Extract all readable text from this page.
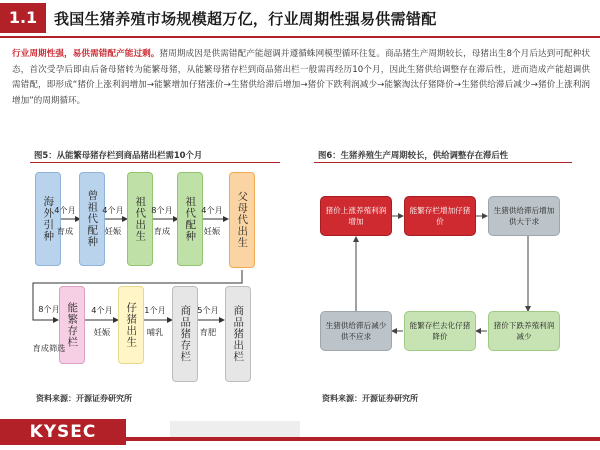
1.1	我国生猪养殖市场规模超万亿，行业周期性强易供需错配
行业周期性强，易供需错配产能过剩。猪周期成因是供需错配产能超调并遵循蛛网模型循环往复。商品猪生产周期较长，母猪出生8个月后达到可配种状态，首次受孕后即由后备母猪转为能繁母猪，从能繁母猪存栏到商品猪出栏一般需再经历10个月，因此生猪供给调整存在滞后性，进而造成产能超调供需错配，即形成“猪价上涨利润增加→能繁增加仔猪涨价→生猪供给滞后增加→猪价下跌利润减少→能繁淘汰仔猪降价→生猪供给滞后减少→猪价上涨利润增加”的周期循环。
图5：从能繁母猪存栏到商品猪出栏需10个月
海外引种	曾祖代配种	祖代出生	祖代配种	父母代出生
4个月
育成
4个月
妊娠
8个月
育成
4个月
妊娠
能繁存栏	仔猪出生	商品猪存栏	商品猪出栏
8个月
育成筛选
4个月
妊娠
1个月
哺乳
5个月
育肥
资料来源：开源证券研究所
图6：生猪养殖生产周期较长，供给调整存在滞后性
猪价上涨养殖利润增加
能繁存栏增加仔猪价
生猪供给滞后增加供大于求
猪价下跌养殖利润减少
能繁存栏去化仔猪降价
生猪供给滞后减少供不应求
资料来源：开源证券研究所
KYSEC
